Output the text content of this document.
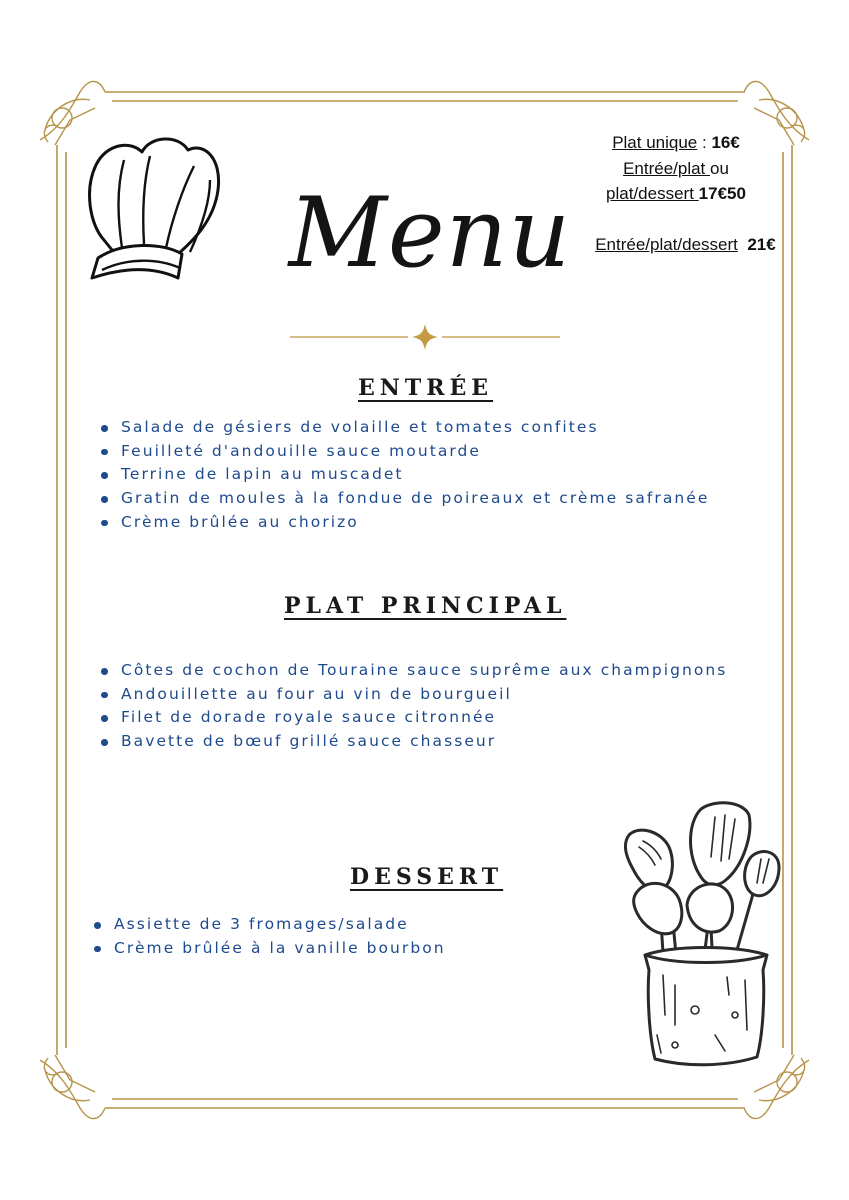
Menu
Plat unique : 16€
Entrée/plat ou
plat/dessert 17€50

Entrée/plat/dessert 21€

ENTRÉE
Salade de gésiers de volaille et tomates confites
Feuilleté d'andouille sauce moutarde
Terrine de lapin au muscadet
Gratin de moules à la fondue de poireaux et crème safranée
Crème brûlée au chorizo
PLAT PRINCIPAL
Côtes de cochon de Touraine sauce suprême aux champignons
Andouillette au four au vin de bourgueil
Filet de dorade royale sauce citronnée
Bavette de bœuf grillé sauce chasseur
DESSERT
Assiette de 3 fromages/salade
Crème brûlée à la vanille bourbon
